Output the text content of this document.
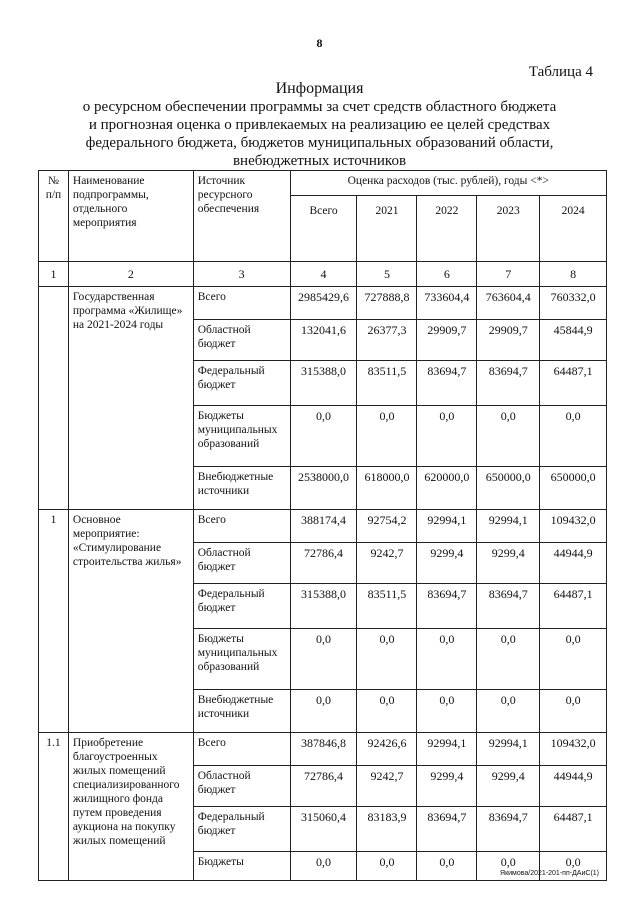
8
Таблица 4
Информация
о ресурсном обеспечении программы за счет средств областного бюджета
и прогнозная оценка о привлекаемых на реализацию ее целей средствах
федерального бюджета, бюджетов муниципальных образований области,
внебюджетных источников
№ п/п	Наименование подпрограммы, отдельного мероприятия	Источник ресурсного обеспечения	Оценка расходов (тыс. рублей), годы <*>				
			Всего	2021	2022	2023	2024
1	2	3	4	5	6	7	8
	Государственная программа «Жилище» на 2021-2024 годы	Всего	2985429,6	727888,8	733604,4	763604,4	760332,0
		Областной бюджет	132041,6	26377,3	29909,7	29909,7	45844,9
		Федеральный бюджет	315388,0	83511,5	83694,7	83694,7	64487,1
		Бюджеты муниципальных образований	0,0	0,0	0,0	0,0	0,0
		Внебюджетные источники	2538000,0	618000,0	620000,0	650000,0	650000,0
1	Основное мероприятие: «Стимулирование строительства жилья»	Всего	388174,4	92754,2	92994,1	92994,1	109432,0
		Областной бюджет	72786,4	9242,7	9299,4	9299,4	44944,9
		Федеральный бюджет	315388,0	83511,5	83694,7	83694,7	64487,1
		Бюджеты муниципальных образований	0,0	0,0	0,0	0,0	0,0
		Внебюджетные источники	0,0	0,0	0,0	0,0	0,0
1.1	Приобретение благоустроенных жилых помещений специализированного жилищного фонда путем проведения аукциона на покупку жилых помещений	Всего	387846,8	92426,6	92994,1	92994,1	109432,0
		Областной бюджет	72786,4	9242,7	9299,4	9299,4	44944,9
		Федеральный бюджет	315060,4	83183,9	83694,7	83694,7	64487,1
		Бюджеты	0,0	0,0	0,0	0,0	0,0
Якимова/2021-201-пп-ДАиС(1)
